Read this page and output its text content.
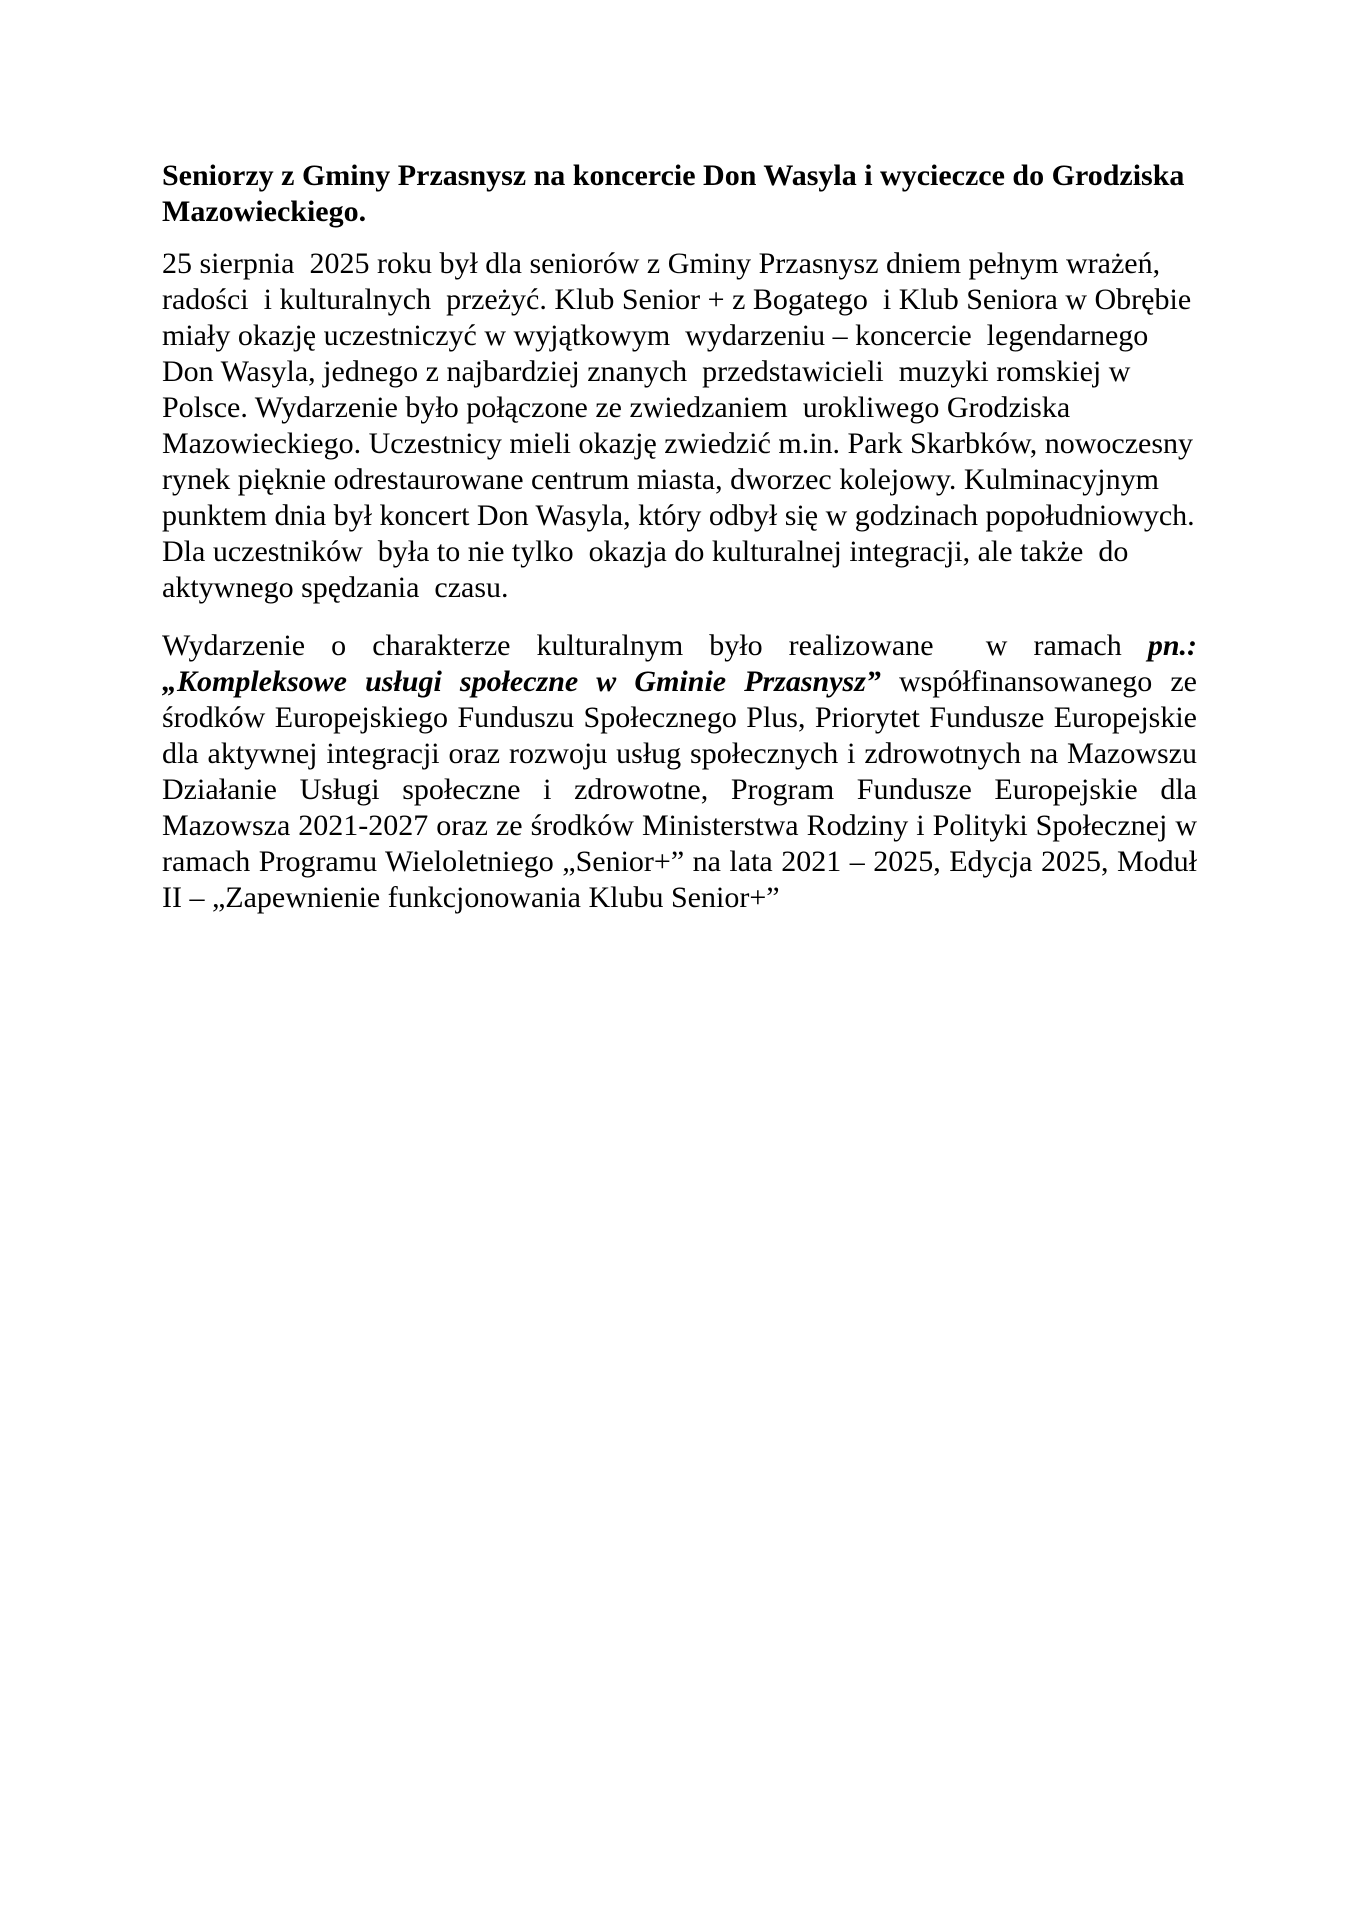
Seniorzy z Gminy Przasnysz na koncercie Don Wasyla i wycieczce do Grodziska Mazowieckiego.

25 sierpnia  2025 roku był dla seniorów z Gminy Przasnysz dniem pełnym wrażeń, radości  i kulturalnych  przeżyć. Klub Senior + z Bogatego  i Klub Seniora w Obrębie  miały okazję uczestniczyć w wyjątkowym  wydarzeniu – koncercie  legendarnego Don Wasyla, jednego z najbardziej znanych  przedstawicieli  muzyki romskiej w Polsce. Wydarzenie było połączone ze zwiedzaniem  urokliwego Grodziska Mazowieckiego. Uczestnicy mieli okazję zwiedzić m.in. Park Skarbków, nowoczesny rynek pięknie odrestaurowane centrum miasta, dworzec kolejowy. Kulminacyjnym  punktem dnia był koncert Don Wasyla, który odbył się w godzinach popołudniowych. Dla uczestników  była to nie tylko  okazja do kulturalnej integracji, ale także  do aktywnego spędzania  czasu.

Wydarzenie o charakterze kulturalnym było realizowane  w ramach pn.: „Kompleksowe usługi społeczne w Gminie Przasnysz” współfinansowanego ze środków Europejskiego Funduszu Społecznego Plus, Priorytet Fundusze Europejskie dla aktywnej integracji oraz rozwoju usług społecznych i zdrowotnych na Mazowszu Działanie Usługi społeczne i zdrowotne, Program Fundusze Europejskie dla Mazowsza 2021-2027 oraz ze środków Ministerstwa Rodziny i Polityki Społecznej w ramach Programu Wieloletniego „Senior+” na lata 2021 – 2025, Edycja 2025, Moduł II – „Zapewnienie funkcjonowania Klubu Senior+”
